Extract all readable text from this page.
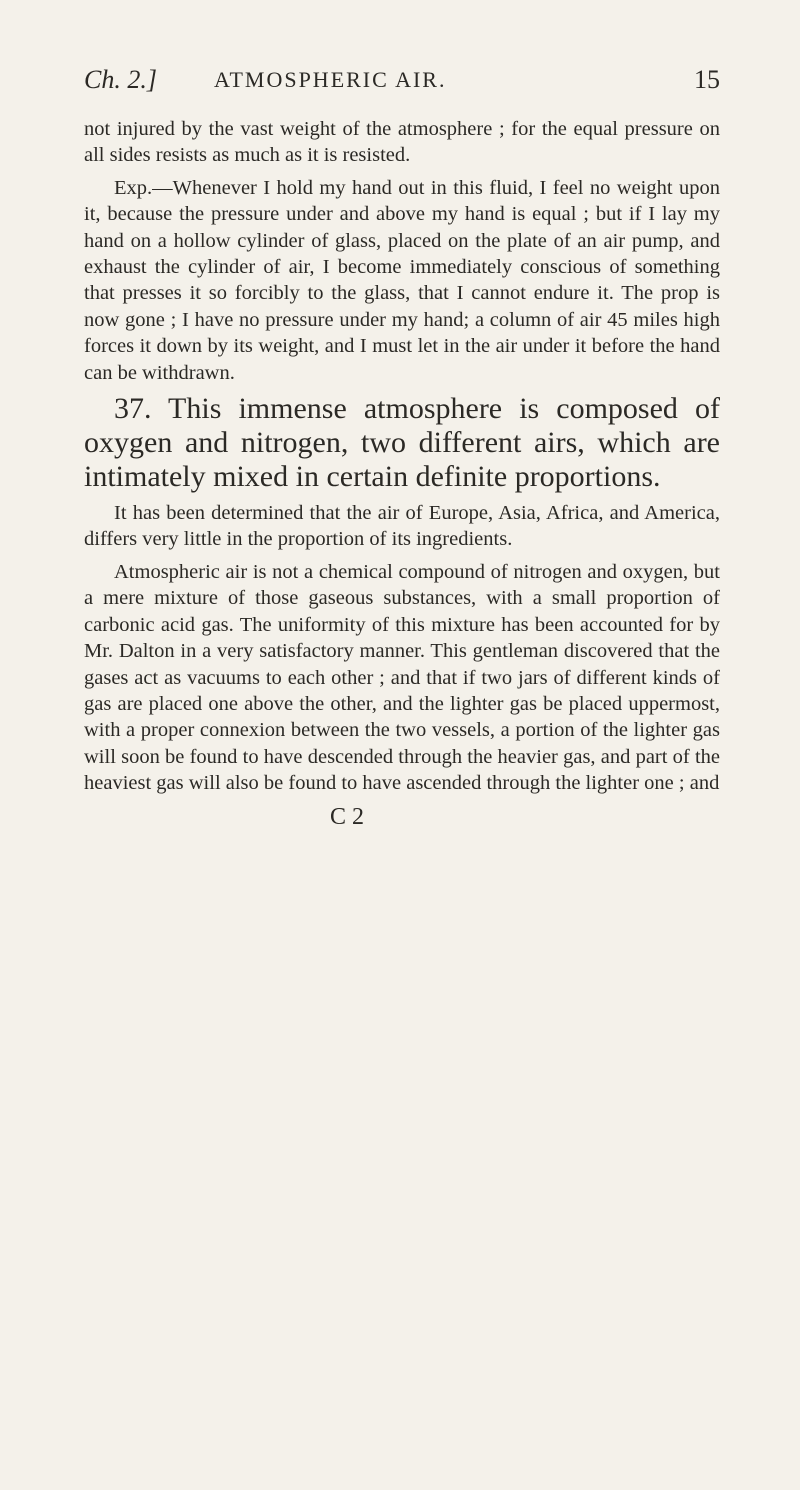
Ch. 2.]	ATMOSPHERIC AIR.	15

not injured by the vast weight of the atmosphere ; for the equal pressure on all sides resists as much as it is resisted.

Exp.—Whenever I hold my hand out in this fluid, I feel no weight upon it, because the pressure under and above my hand is equal ; but if I lay my hand on a hollow cylinder of glass, placed on the plate of an air pump, and exhaust the cylinder of air, I become immediately conscious of something that presses it so forcibly to the glass, that I cannot endure it. The prop is now gone ; I have no pressure under my hand; a column of air 45 miles high forces it down by its weight, and I must let in the air under it before the hand can be withdrawn.

37. This immense atmosphere is composed of oxygen and nitrogen, two different airs, which are intimately mixed in certain definite proportions.

It has been determined that the air of Europe, Asia, Africa, and America, differs very little in the proportion of its ingredients.

Atmospheric air is not a chemical compound of nitrogen and oxygen, but a mere mixture of those gaseous substances, with a small proportion of carbonic acid gas. The uniformity of this mixture has been accounted for by Mr. Dalton in a very satisfactory manner. This gentleman discovered that the gases act as vacuums to each other ; and that if two jars of different kinds of gas are placed one above the other, and the lighter gas be placed uppermost, with a proper connexion between the two vessels, a portion of the lighter gas will soon be found to have descended through the heavier gas, and part of the heaviest gas will also be found to have ascended through the lighter one ; and

C 2
